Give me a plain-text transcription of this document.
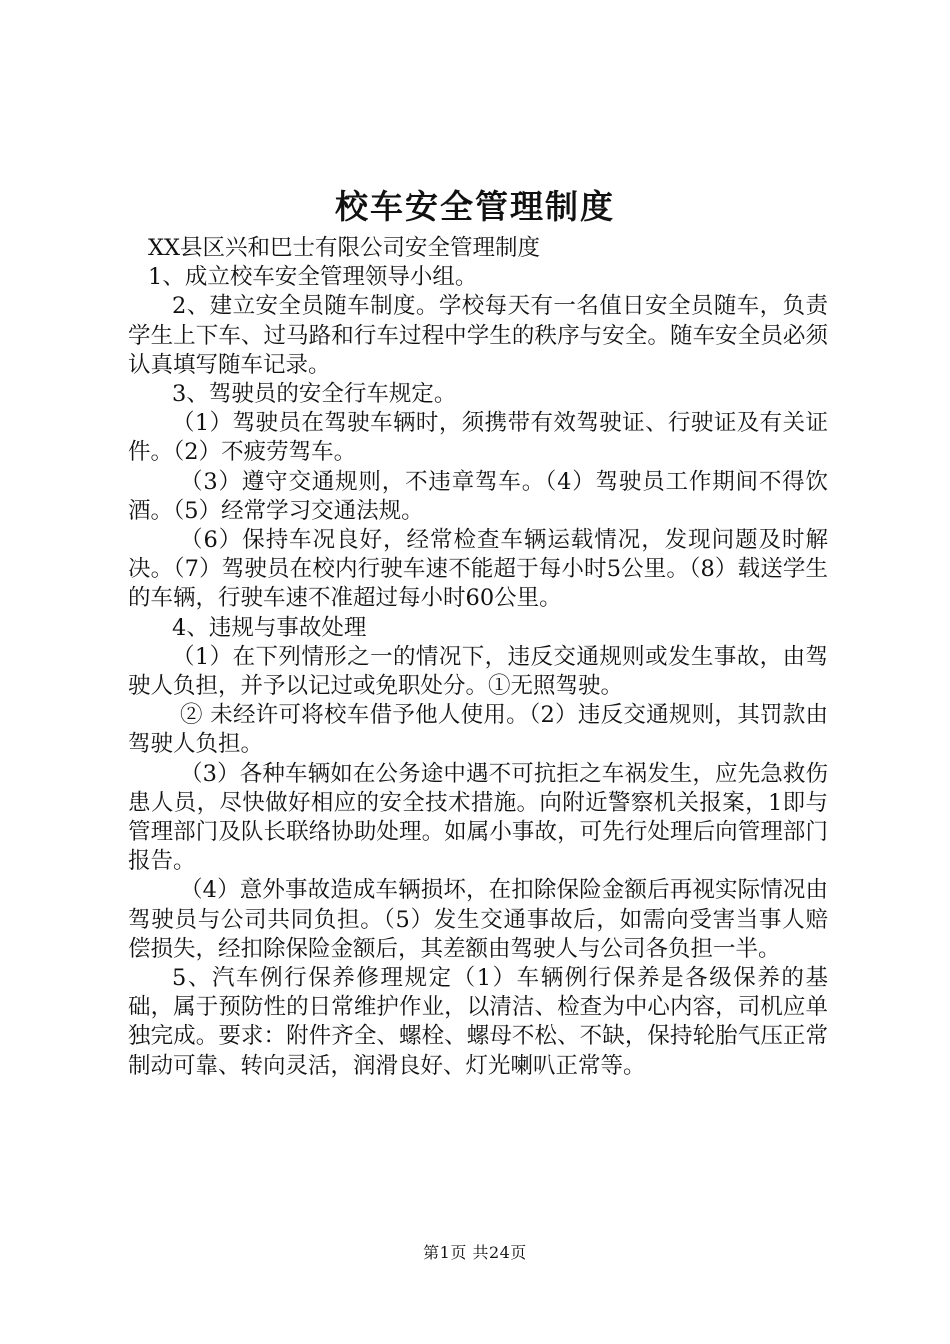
校车安全管理制度

XX县区兴和巴士有限公司安全管理制度

1、成立校车安全管理领导小组。

2、建立安全员随车制度。学校每天有一名值日安全员随车，负责学生上下车、过马路和行车过程中学生的秩序与安全。随车安全员必须认真填写随车记录。

3、驾驶员的安全行车规定。

（1）驾驶员在驾驶车辆时，须携带有效驾驶证、行驶证及有关证件。（2）不疲劳驾车。

（3）遵守交通规则，不违章驾车。（4）驾驶员工作期间不得饮酒。（5）经常学习交通法规。

（6）保持车况良好，经常检查车辆运载情况，发现问题及时解决。（7）驾驶员在校内行驶车速不能超于每小时5公里。（8）载送学生的车辆，行驶车速不准超过每小时60公里。

4、违规与事故处理

（1）在下列情形之一的情况下，违反交通规则或发生事故，由驾驶人负担，并予以记过或免职处分。①无照驾驶。

② 未经许可将校车借予他人使用。（2）违反交通规则，其罚款由驾驶人负担。

（3）各种车辆如在公务途中遇不可抗拒之车祸发生，应先急救伤患人员，尽快做好相应的安全技术措施。向附近警察机关报案，1即与管理部门及队长联络协助处理。如属小事故，可先行处理后向管理部门报告。

（4）意外事故造成车辆损坏，在扣除保险金额后再视实际情况由驾驶员与公司共同负担。（5）发生交通事故后，如需向受害当事人赔偿损失，经扣除保险金额后，其差额由驾驶人与公司各负担一半。

5、汽车例行保养修理规定（1）车辆例行保养是各级保养的基础，属于预防性的日常维护作业，以清洁、检查为中心内容，司机应单独完成。要求：附件齐全、螺栓、螺母不松、不缺，保持轮胎气压正常制动可靠、转向灵活，润滑良好、灯光喇叭正常等。

第1页 共24页
